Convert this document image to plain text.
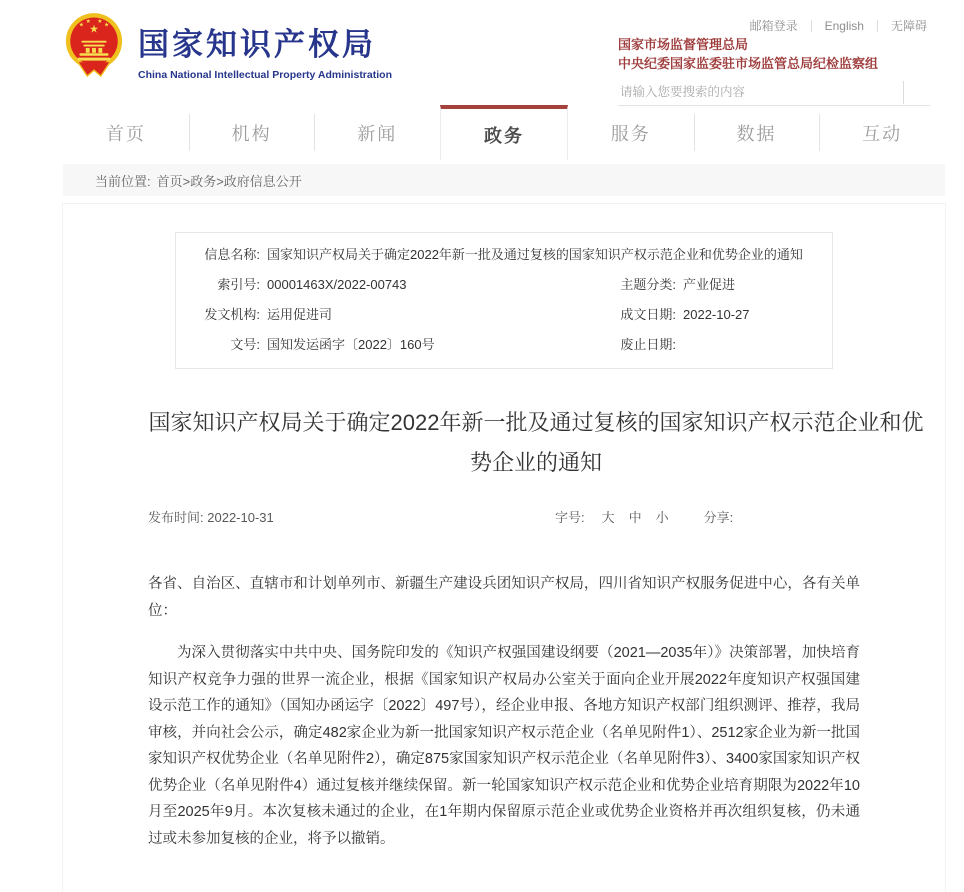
★
★
★ ★
★
国家知识产权局
China National Intellectual Property Administration
邮箱登录	English	无障碍
国家市场监督管理总局
中央纪委国家监委驻市场监管总局纪检监察组
请输入您要搜索的内容
首页	机构	新闻	政务	服务	数据	互动
当前位置: 首页>政务>政府信息公开
信息名称: 国家知识产权局关于确定2022年新一批及通过复核的国家知识产权示范企业和优势企业的通知
索引号: 00001463X/2022-00743	主题分类: 产业促进
发文机构: 运用促进司	成文日期: 2022-10-27
文号: 国知发运函字〔2022〕160号	废止日期:
国家知识产权局关于确定2022年新一批及通过复核的国家知识产权示范企业和优势企业的通知
发布时间: 2022-10-31	字号: 大 中 小	分享:

各省、自治区、直辖市和计划单列市、新疆生产建设兵团知识产权局，四川省知识产权服务促进中心，各有关单位：

为深入贯彻落实中共中央、国务院印发的《知识产权强国建设纲要（2021—2035年）》决策部署，加快培育知识产权竞争力强的世界一流企业，根据《国家知识产权局办公室关于面向企业开展2022年度知识产权强国建设示范工作的通知》（国知办函运字〔2022〕497号），经企业申报、各地方知识产权部门组织测评、推荐，我局审核，并向社会公示，确定482家企业为新一批国家知识产权示范企业（名单见附件1）、2512家企业为新一批国家知识产权优势企业（名单见附件2），确定875家国家知识产权示范企业（名单见附件3）、3400家国家知识产权优势企业（名单见附件4）通过复核并继续保留。新一轮国家知识产权示范企业和优势企业培育期限为2022年10月至2025年9月。本次复核未通过的企业，在1年期内保留原示范企业或优势企业资格并再次组织复核，仍未通过或未参加复核的企业，将予以撤销。
